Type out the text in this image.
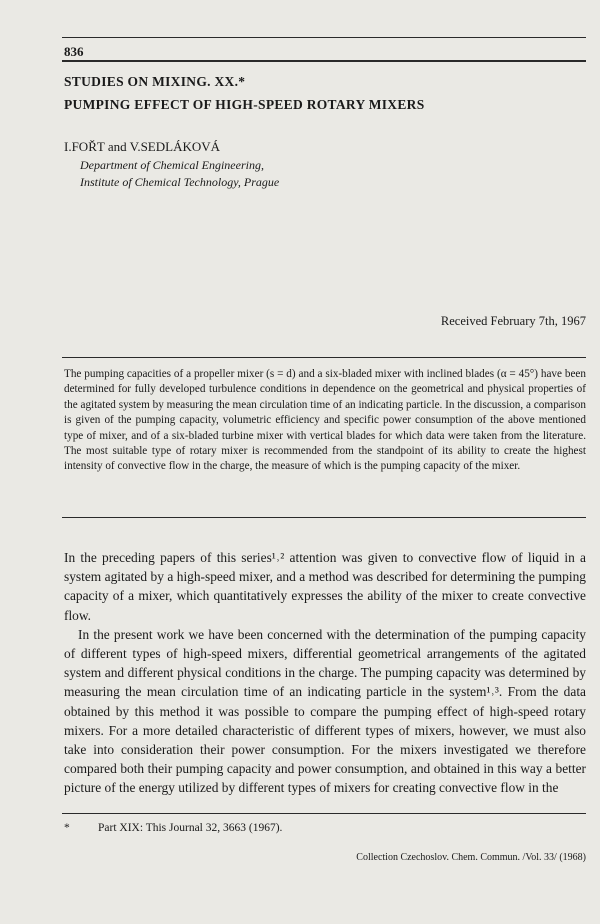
836
STUDIES ON MIXING. XX.*
PUMPING EFFECT OF HIGH-SPEED ROTARY MIXERS
I.FOŘT and V.SEDLÁKOVÁ
Department of Chemical Engineering,
Institute of Chemical Technology, Prague
Received February 7th, 1967
The pumping capacities of a propeller mixer (s = d) and a six-bladed mixer with inclined blades (α = 45°) have been determined for fully developed turbulence conditions in dependence on the geometrical and physical properties of the agitated system by measuring the mean circulation time of an indicating particle. In the discussion, a comparison is given of the pumping capacity, volumetric efficiency and specific power consumption of the above mentioned type of mixer, and of a six-bladed turbine mixer with vertical blades for which data were taken from the literature. The most suitable type of rotary mixer is recommended from the standpoint of its ability to create the highest intensity of convective flow in the charge, the measure of which is the pumping capacity of the mixer.

In the preceding papers of this series¹˒² attention was given to convective flow of liquid in a system agitated by a high-speed mixer, and a method was described for determining the pumping capacity of a mixer, which quantitatively expresses the ability of the mixer to create convective flow.

In the present work we have been concerned with the determination of the pumping capacity of different types of high-speed mixers, differential geometrical arrangements of the agitated system and different physical conditions in the charge. The pumping capacity was determined by measuring the mean circulation time of an indicating particle in the system¹˒³. From the data obtained by this method it was possible to compare the pumping effect of high-speed rotary mixers. For a more detailed characteristic of different types of mixers, however, we must also take into consideration their power consumption. For the mixers investigated we therefore compared both their pumping capacity and power consumption, and obtained in this way a better picture of the energy utilized by different types of mixers for creating convective flow in the

* Part XIX: This Journal 32, 3663 (1967).
Collection Czechoslov. Chem. Commun. /Vol. 33/ (1968)
